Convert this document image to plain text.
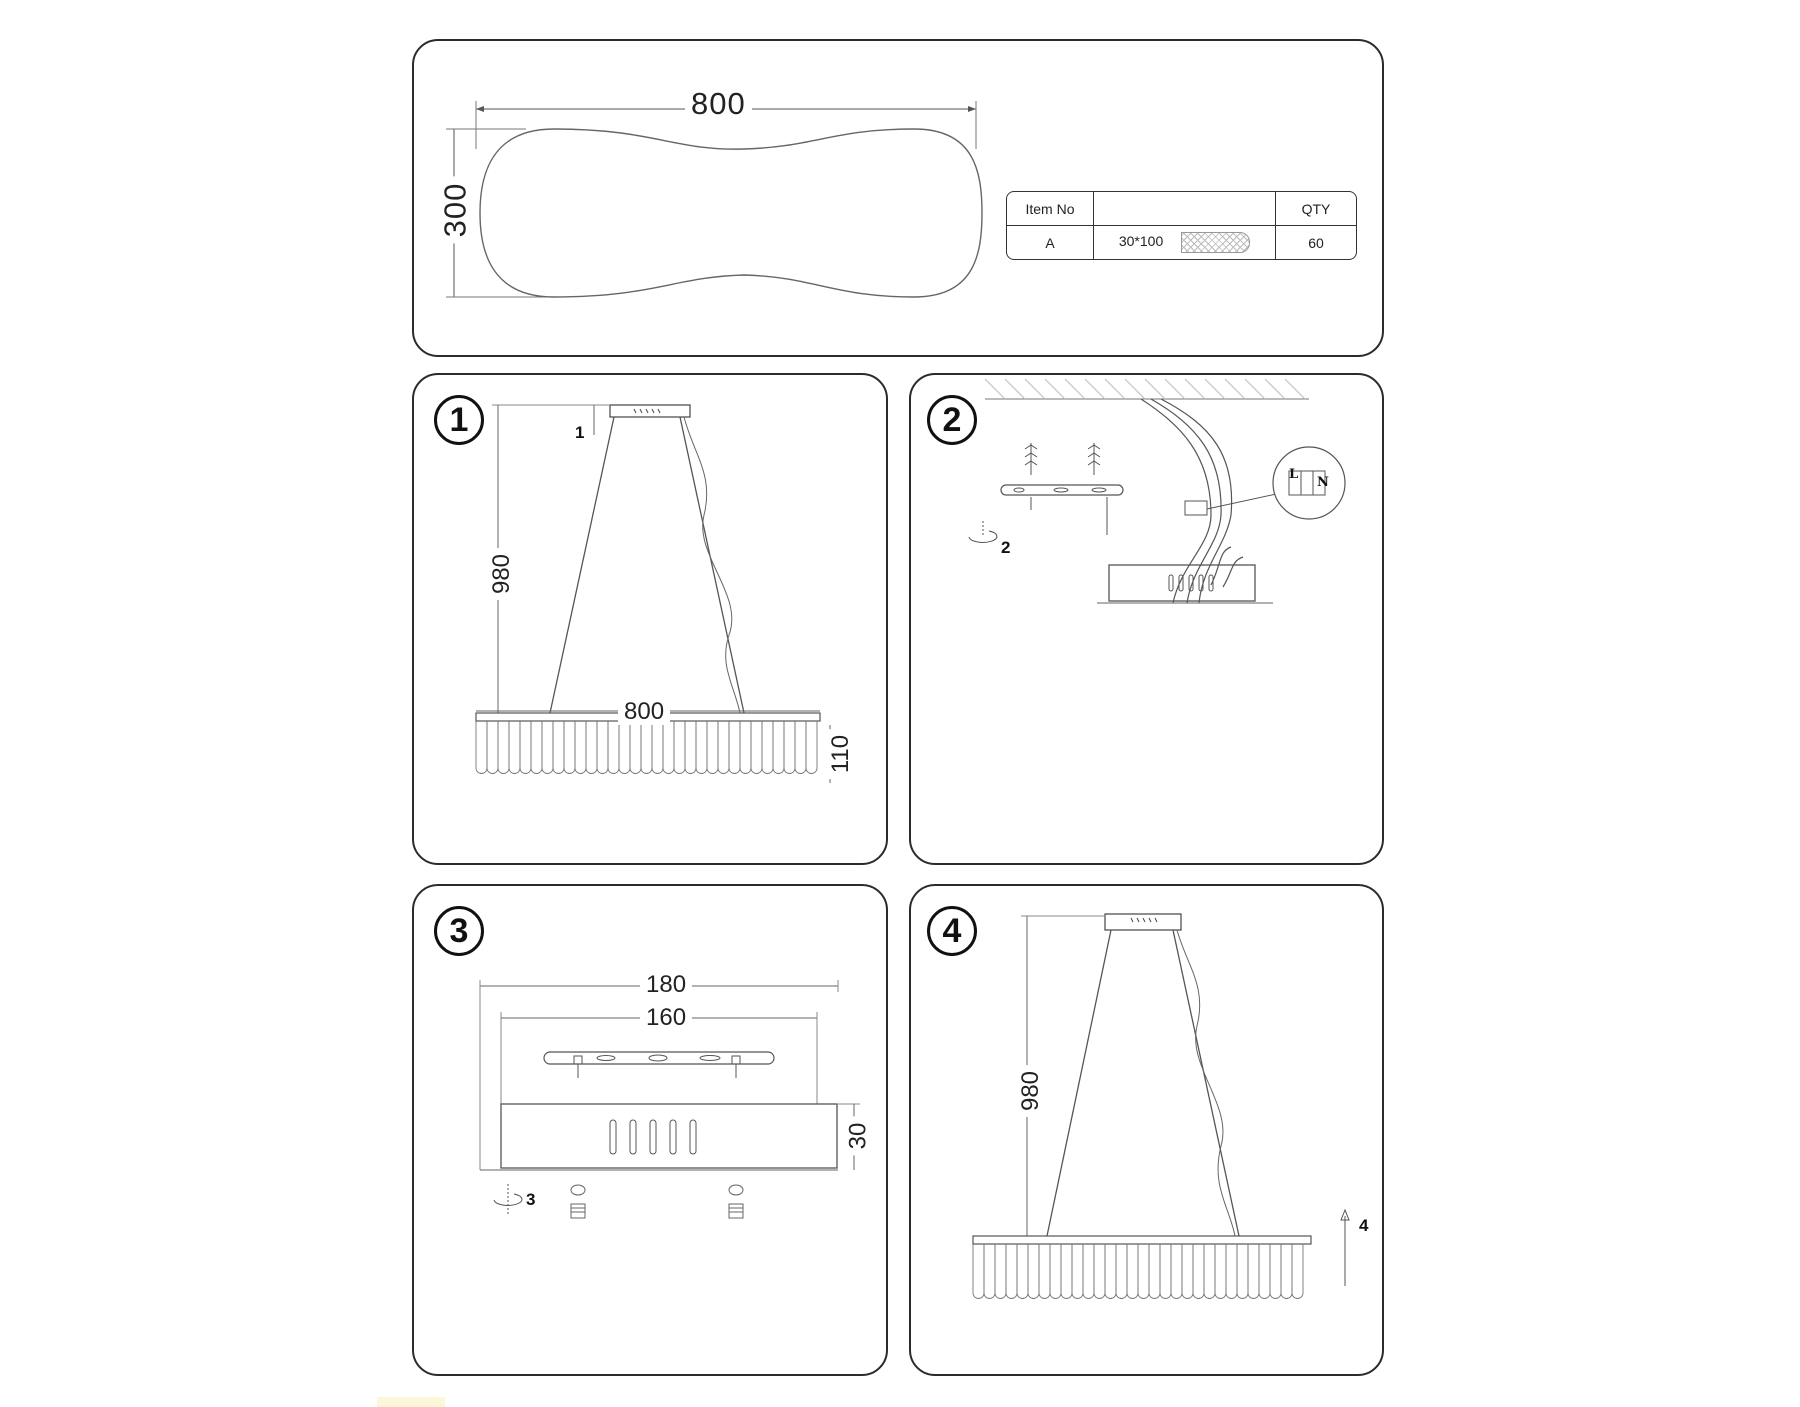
800
300	Item No		QTY
A	30*100	60
1	1
980
800
110
2
2
L
N
3
180
160
30
3
4
980
4
